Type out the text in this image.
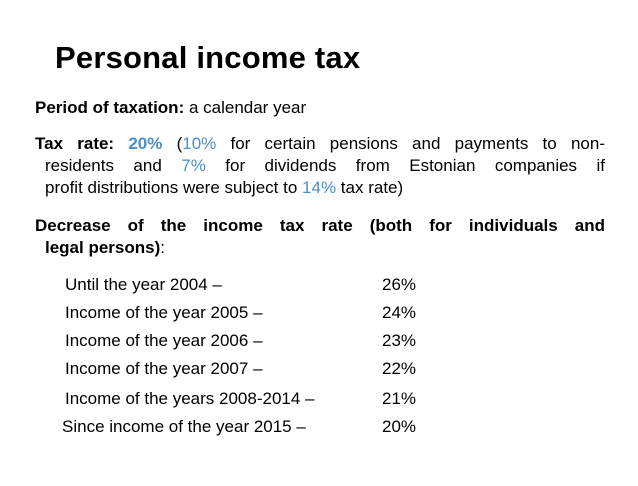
Personal income tax
Period of taxation: a calendar year
Tax rate: 20% (10% for certain pensions and payments to non-
residents and 7% for dividends from Estonian companies if
profit distributions were subject to 14% tax rate)
Decrease of the income tax rate (both for individuals and
legal persons):
Until the year 2004 –	26%
Income of the year 2005 –	24%
Income of the year 2006 –	23%
Income of the year 2007 –	22%
Income of the years 2008-2014 –	21%
Since income of the year 2015 –	20%
